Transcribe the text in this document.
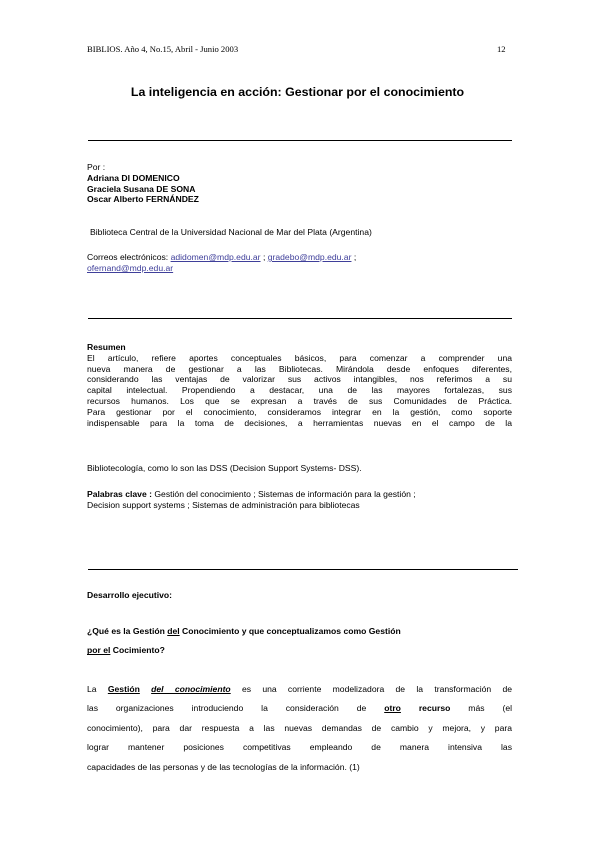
BIBLIOS. Año 4, No.15, Abril - Junio 2003	12
La inteligencia en acción: Gestionar por el conocimiento
Por :
Adriana DI DOMENICO
Graciela Susana DE SONA
Oscar Alberto FERNÁNDEZ
Biblioteca Central de la Universidad Nacional de Mar del Plata (Argentina)
Correos electrónicos: adidomen@mdp.edu.ar ; gradebo@mdp.edu.ar ;
ofernand@mdp.edu.ar
Resumen
El artículo, refiere aportes conceptuales básicos, para comenzar a comprender una
nueva manera de gestionar a las Bibliotecas. Mirándola desde enfoques diferentes,
considerando las ventajas de valorizar sus activos intangibles, nos referimos a su
capital intelectual. Propendiendo a destacar, una de las mayores fortalezas, sus
recursos humanos. Los que se expresan a través de sus Comunidades de Práctica.
Para gestionar por el conocimiento, consideramos integrar en la gestión, como soporte
indispensable para la toma de decisiones, a herramientas nuevas en el campo de la
Bibliotecología, como lo son las DSS (Decision Support Systems- DSS).
Palabras clave : Gestión del conocimiento ; Sistemas de información para la gestión ;
Decision support systems ; Sistemas de administración para bibliotecas
Desarrollo ejecutivo:
¿Qué es la Gestión del Conocimiento y que conceptualizamos como Gestión
por el Cocimiento?
La Gestión del conocimiento es una corriente modelizadora de la transformación de
las organizaciones introduciendo la consideración de otro recurso más (el
conocimiento), para dar respuesta a las nuevas demandas de cambio y mejora, y para
lograr mantener posiciones competitivas empleando de manera intensiva las
capacidades de las personas y de las tecnologías de la información. (1)
